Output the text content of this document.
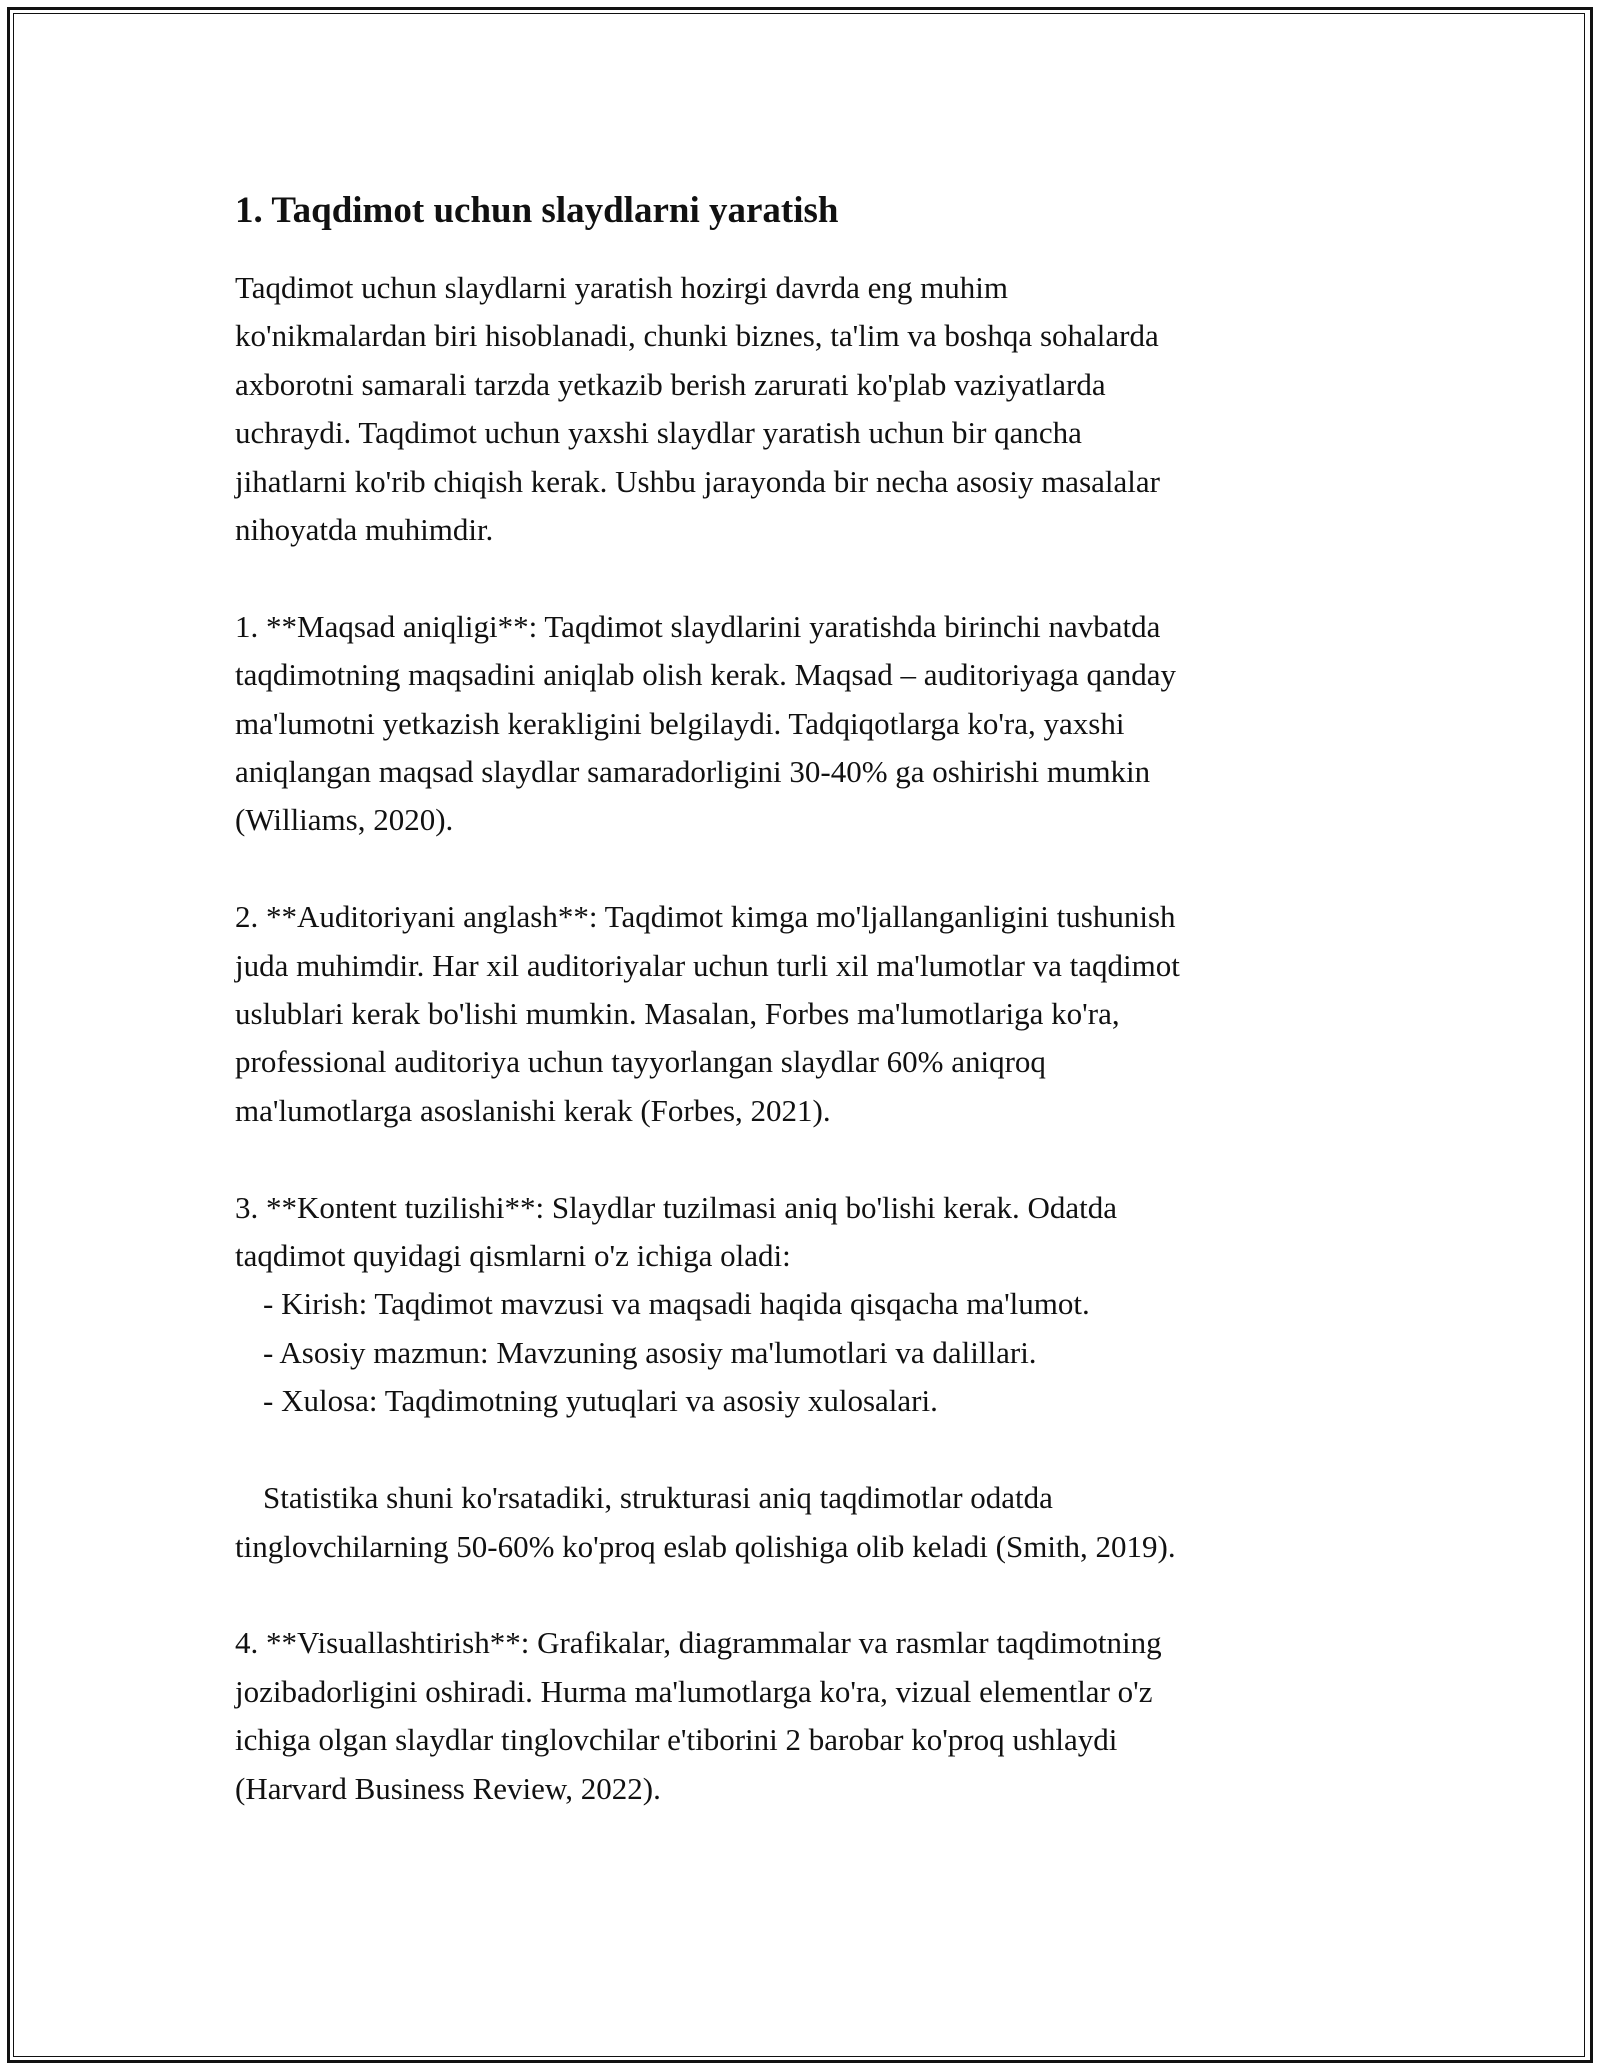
1. Taqdimot uchun slaydlarni yaratish

Taqdimot uchun slaydlarni yaratish hozirgi davrda eng muhim
ko'nikmalardan biri hisoblanadi, chunki biznes, ta'lim va boshqa sohalarda
axborotni samarali tarzda yetkazib berish zarurati ko'plab vaziyatlarda
uchraydi. Taqdimot uchun yaxshi slaydlar yaratish uchun bir qancha
jihatlarni ko'rib chiqish kerak. Ushbu jarayonda bir necha asosiy masalalar
nihoyatda muhimdir.

1. **Maqsad aniqligi**: Taqdimot slaydlarini yaratishda birinchi navbatda
taqdimotning maqsadini aniqlab olish kerak. Maqsad – auditoriyaga qanday
ma'lumotni yetkazish kerakligini belgilaydi. Tadqiqotlarga ko'ra, yaxshi
aniqlangan maqsad slaydlar samaradorligini 30-40% ga oshirishi mumkin
(Williams, 2020).

2. **Auditoriyani anglash**: Taqdimot kimga mo'ljallanganligini tushunish
juda muhimdir. Har xil auditoriyalar uchun turli xil ma'lumotlar va taqdimot
uslublari kerak bo'lishi mumkin. Masalan, Forbes ma'lumotlariga ko'ra,
professional auditoriya uchun tayyorlangan slaydlar 60% aniqroq
ma'lumotlarga asoslanishi kerak (Forbes, 2021).

3. **Kontent tuzilishi**: Slaydlar tuzilmasi aniq bo'lishi kerak. Odatda
taqdimot quyidagi qismlarni o'z ichiga oladi:

- Kirish: Taqdimot mavzusi va maqsadi haqida qisqacha ma'lumot.

- Asosiy mazmun: Mavzuning asosiy ma'lumotlari va dalillari.

- Xulosa: Taqdimotning yutuqlari va asosiy xulosalari.

Statistika shuni ko'rsatadiki, strukturasi aniq taqdimotlar odatda

tinglovchilarning 50-60% ko'proq eslab qolishiga olib keladi (Smith, 2019).

4. **Visuallashtirish**: Grafikalar, diagrammalar va rasmlar taqdimotning
jozibadorligini oshiradi. Hurma ma'lumotlarga ko'ra, vizual elementlar o'z
ichiga olgan slaydlar tinglovchilar e'tiborini 2 barobar ko'proq ushlaydi
(Harvard Business Review, 2022).
